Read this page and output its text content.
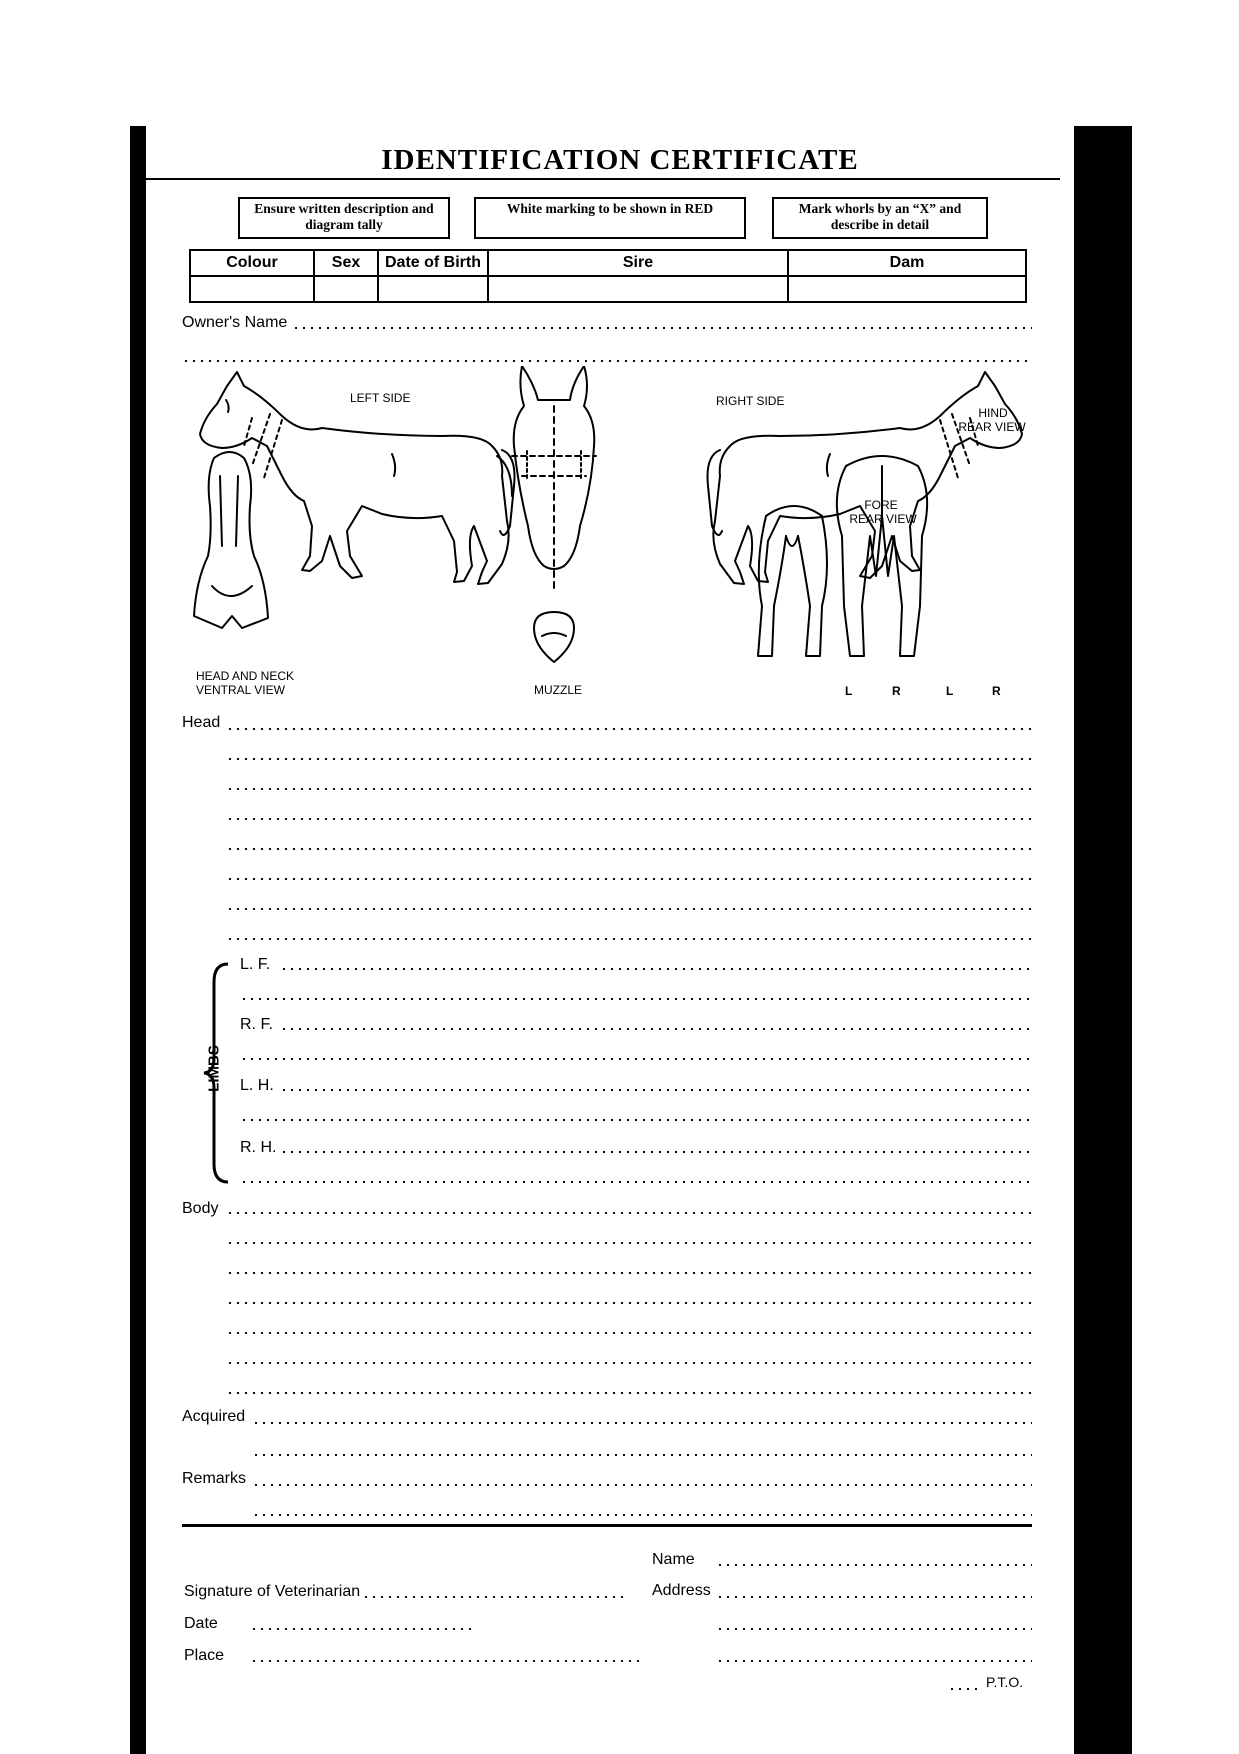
IDENTIFICATION CERTIFICATE
Ensure written description and diagram tally
White marking to be shown in RED	Mark whorls by an “X” and describe in detail
Colour	Sex	Date of Birth	Sire	Dam

Owner's Name
LEFT SIDE	RIGHT SIDE
HIND
REAR VIEW
FORE
REAR VIEW
HEAD AND NECK
VENTRAL VIEW	MUZZLE	L	R	L	R
Head
LIMBS
L. F.
R. F.
L. H.
R. H.
Body
Acquired
Remarks
Name
Signature of Veterinarian	Address
Date
Place
P.T.O.
